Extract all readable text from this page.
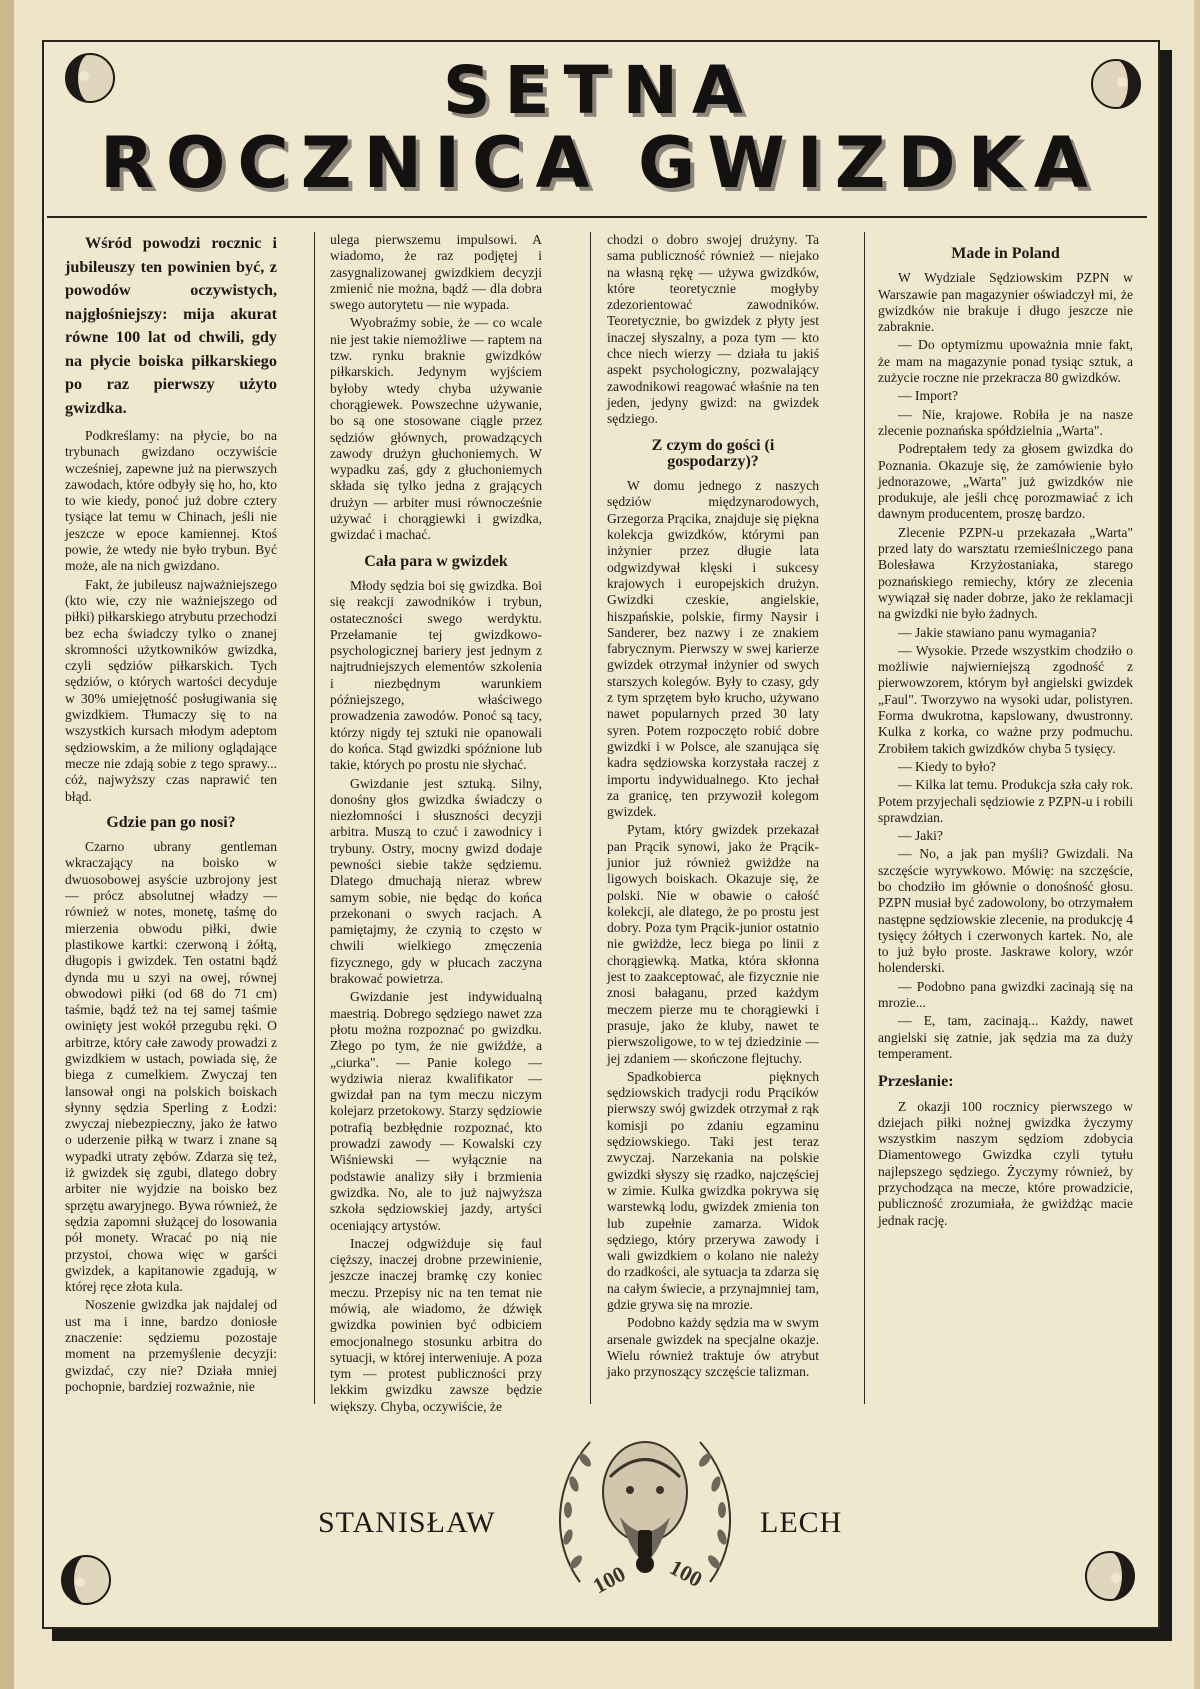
SETNA
ROCZNICA GWIZDKA

Wśród powodzi rocznic i jubileuszy ten powinien być, z powodów oczywistych, najgłośniejszy: mija akurat równe 100 lat od chwili, gdy na płycie boiska piłkarskiego po raz pierwszy użyto gwizdka.

Podkreślamy: na płycie, bo na trybunach gwizdano oczywiście wcześniej, zapewne już na pierwszych zawodach, które odbyły się ho, ho, kto to wie kiedy, ponoć już dobre cztery tysiące lat temu w Chinach, jeśli nie jeszcze w epoce kamiennej. Ktoś powie, że wtedy nie było trybun. Być może, ale na nich gwizdano.

Fakt, że jubileusz najważniejszego (kto wie, czy nie ważniejszego od piłki) piłkarskiego atrybutu przechodzi bez echa świadczy tylko o znanej skromności użytkowników gwizdka, czyli sędziów piłkarskich. Tych sędziów, o których wartości decyduje w 30% umiejętność posługiwania się gwizdkiem. Tłumaczy się to na wszystkich kursach młodym adeptom sędziowskim, a że miliony oglądające mecze nie zdają sobie z tego sprawy... cóż, najwyższy czas naprawić ten błąd.

Gdzie pan go nosi?

Czarno ubrany gentleman wkraczający na boisko w dwuosobowej asyście uzbrojony jest — prócz absolutnej władzy — również w notes, monetę, taśmę do mierzenia obwodu piłki, dwie plastikowe kartki: czerwoną i żółtą, długopis i gwizdek. Ten ostatni bądź dynda mu u szyi na owej, równej obwodowi piłki (od 68 do 71 cm) taśmie, bądź też na tej samej taśmie owinięty jest wokół przegubu ręki. O arbitrze, który całe zawody prowadzi z gwizdkiem w ustach, powiada się, że biega z cumelkiem. Zwyczaj ten lansował ongi na polskich boiskach słynny sędzia Sperling z Łodzi: zwyczaj niebezpieczny, jako że łatwo o uderzenie piłką w twarz i znane są wypadki utraty zębów. Zdarza się też, iż gwizdek się zgubi, dlatego dobry arbiter nie wyjdzie na boisko bez sprzętu awaryjnego. Bywa również, że sędzia zapomni służącej do losowania pół monety. Wracać po nią nie przystoi, chowa więc w garści gwizdek, a kapitanowie zgadują, w której ręce złota kula.

Noszenie gwizdka jak najdalej od ust ma i inne, bardzo doniosłe znaczenie: sędziemu pozostaje moment na przemyślenie decyzji: gwizdać, czy nie? Działa mniej pochopnie, bardziej rozważnie, nie

ulega pierwszemu impulsowi. A wiadomo, że raz podjętej i zasygnalizowanej gwizdkiem decyzji zmienić nie można, bądź — dla dobra swego autorytetu — nie wypada.

Wyobraźmy sobie, że — co wcale nie jest takie niemożliwe — raptem na tzw. rynku braknie gwizdków piłkarskich. Jedynym wyjściem byłoby wtedy chyba używanie chorągiewek. Powszechne używanie, bo są one stosowane ciągle przez sędziów głównych, prowadzących zawody drużyn głuchoniemych. W wypadku zaś, gdy z głuchoniemych składa się tylko jedna z grających drużyn — arbiter musi równocześnie używać i chorągiewki i gwizdka, gwizdać i machać.

Cała para w gwizdek

Młody sędzia boi się gwizdka. Boi się reakcji zawodników i trybun, ostateczności swego werdyktu. Przełamanie tej gwizdkowo-psychologicznej bariery jest jednym z najtrudniejszych elementów szkolenia i niezbędnym warunkiem późniejszego, właściwego prowadzenia zawodów. Ponoć są tacy, którzy nigdy tej sztuki nie opanowali do końca. Stąd gwizdki spóźnione lub takie, których po prostu nie słychać.

Gwizdanie jest sztuką. Silny, donośny głos gwizdka świadczy o niezłomności i słuszności decyzji arbitra. Muszą to czuć i zawodnicy i trybuny. Ostry, mocny gwizd dodaje pewności siebie także sędziemu. Dlatego dmuchają nieraz wbrew samym sobie, nie będąc do końca przekonani o swych racjach. A pamiętajmy, że czynią to często w chwili wielkiego zmęczenia fizycznego, gdy w płucach zaczyna brakować powietrza.

Gwizdanie jest indywidualną maestrią. Dobrego sędziego nawet zza płotu można rozpoznać po gwizdku. Złego po tym, że nie gwiżdże, a „ciurka". — Panie kolego — wydziwia nieraz kwalifikator — gwizdał pan na tym meczu niczym kolejarz przetokowy. Starzy sędziowie potrafią bezbłędnie rozpoznać, kto prowadzi zawody — Kowalski czy Wiśniewski — wyłącznie na podstawie analizy siły i brzmienia gwizdka. No, ale to już najwyższa szkoła sędziowskiej jazdy, artyści oceniający artystów.

Inaczej odgwiżduje się faul cięższy, inaczej drobne przewinienie, jeszcze inaczej bramkę czy koniec meczu. Przepisy nic na ten temat nie mówią, ale wiadomo, że dźwięk gwizdka powinien być odbiciem emocjonalnego stosunku arbitra do sytuacji, w której interweniuje. A poza tym — protest publiczności przy lekkim gwizdku zawsze będzie większy. Chyba, oczywiście, że

chodzi o dobro swojej drużyny. Ta sama publiczność również — niejako na własną rękę — używa gwizdków, które teoretycznie mogłyby zdezorientować zawodników. Teoretycznie, bo gwizdek z płyty jest inaczej słyszalny, a poza tym — kto chce niech wierzy — działa tu jakiś aspekt psychologiczny, pozwalający zawodnikowi reagować właśnie na ten jeden, jedyny gwizd: na gwizdek sędziego.

Z czym do gości (i gospodarzy)?

W domu jednego z naszych sędziów międzynarodowych, Grzegorza Prącika, znajduje się piękna kolekcja gwizdków, którymi pan inżynier przez długie lata odgwizdywał klęski i sukcesy krajowych i europejskich drużyn. Gwizdki czeskie, angielskie, hiszpańskie, polskie, firmy Naysir i Sanderer, bez nazwy i ze znakiem fabrycznym. Pierwszy w swej karierze gwizdek otrzymał inżynier od swych starszych kolegów. Były to czasy, gdy z tym sprzętem było krucho, używano nawet popularnych przed 30 laty syren. Potem rozpoczęto robić dobre gwizdki i w Polsce, ale szanująca się kadra sędziowska korzystała raczej z importu indywidualnego. Kto jechał za granicę, ten przywoził kolegom gwizdek.

Pytam, który gwizdek przekazał pan Prącik synowi, jako że Prącik-junior już również gwiżdże na ligowych boiskach. Okazuje się, że polski. Nie w obawie o całość kolekcji, ale dlatego, że po prostu jest dobry. Poza tym Prącik-junior ostatnio nie gwiżdże, lecz biega po linii z chorągiewką. Matka, która skłonna jest to zaakceptować, ale fizycznie nie znosi bałaganu, przed każdym meczem pierze mu te chorągiewki i prasuje, jako że kluby, nawet te pierwszoligowe, to w tej dziedzinie — jej zdaniem — skończone flejtuchy.

Spadkobierca pięknych sędziowskich tradycji rodu Prącików pierwszy swój gwizdek otrzymał z rąk komisji po zdaniu egzaminu sędziowskiego. Taki jest teraz zwyczaj. Narzekania na polskie gwizdki słyszy się rzadko, najczęściej w zimie. Kulka gwizdka pokrywa się warstewką lodu, gwizdek zmienia ton lub zupełnie zamarza. Widok sędziego, który przerywa zawody i wali gwizdkiem o kolano nie należy do rzadkości, ale sytuacja ta zdarza się na całym świecie, a przynajmniej tam, gdzie grywa się na mrozie.

Podobno każdy sędzia ma w swym arsenale gwizdek na specjalne okazje. Wielu również traktuje ów atrybut jako przynoszący szczęście talizman.

Made in Poland

W Wydziale Sędziowskim PZPN w Warszawie pan magazynier oświadczył mi, że gwizdków nie brakuje i długo jeszcze nie zabraknie.

— Do optymizmu upoważnia mnie fakt, że mam na magazynie ponad tysiąc sztuk, a zużycie roczne nie przekracza 80 gwizdków.

— Import?

— Nie, krajowe. Robiła je na nasze zlecenie poznańska spółdzielnia „Warta".

Podreptałem tedy za głosem gwizdka do Poznania. Okazuje się, że zamówienie było jednorazowe, „Warta" już gwizdków nie produkuje, ale jeśli chcę porozmawiać z ich dawnym producentem, proszę bardzo.

Zlecenie PZPN-u przekazała „Warta" przed laty do warsztatu rzemieślniczego pana Bolesława Krzyżostaniaka, starego poznańskiego remiechy, który ze zlecenia wywiązał się nader dobrze, jako że reklamacji na gwizdki nie było żadnych.

— Jakie stawiano panu wymagania?

— Wysokie. Przede wszystkim chodziło o możliwie najwierniejszą zgodność z pierwowzorem, którym był angielski gwizdek „Faul". Tworzywo na wysoki udar, polistyren. Forma dwukrotna, kapslowany, dwustronny. Kulka z korka, co ważne przy podmuchu. Zrobiłem takich gwizdków chyba 5 tysięcy.

— Kiedy to było?

— Kilka lat temu. Produkcja szła cały rok. Potem przyjechali sędziowie z PZPN-u i robili sprawdzian.

— Jaki?

— No, a jak pan myśli? Gwizdali. Na szczęście wyrywkowo. Mówię: na szczęście, bo chodziło im głównie o donośność głosu. PZPN musiał być zadowolony, bo otrzymałem następne sędziowskie zlecenie, na produkcję 4 tysięcy żółtych i czerwonych kartek. No, ale to już było proste. Jaskrawe kolory, wzór holenderski.

— Podobno pana gwizdki zacinają się na mrozie...

— E, tam, zacinają... Każdy, nawet angielski się zatnie, jak sędzia ma za duży temperament.

Przesłanie:

Z okazji 100 rocznicy pierwszego w dziejach piłki nożnej gwizdka życzymy wszystkim naszym sędziom zdobycia Diamentowego Gwizdka czyli tytułu najlepszego sędziego. Życzymy również, by przychodząca na mecze, które prowadzicie, publiczność zrozumiała, że gwiżdżąc macie jednak rację.

100 100
STANISŁAW	LECH
